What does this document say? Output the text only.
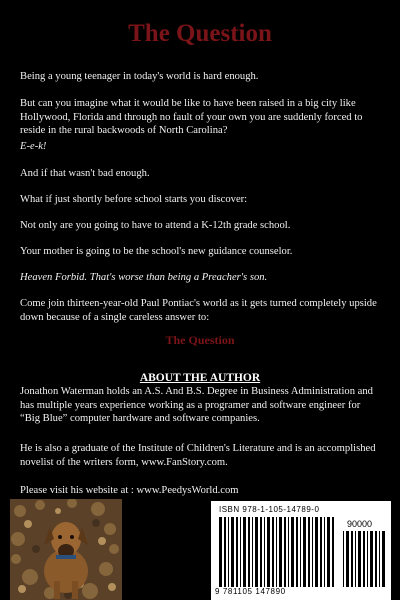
The Question

Being a young teenager in today's world is hard enough.

But can you imagine what it would be like to have been raised in a big city like Hollywood, Florida and through no fault of your own you are suddenly forced to reside in the rural backwoods of North Carolina?

E-e-k!

And if that wasn't bad enough.

What if just shortly before school starts you discover:

Not only are you going to have to attend a K-12th grade school.

Your mother is going to be the school's new guidance counselor.

Heaven Forbid. That's worse than being a Preacher's son.

Come join thirteen-year-old Paul Pontiac's world as it gets turned completely upside down because of a single careless answer to:

The Question
ABOUT THE AUTHOR

Jonathon Waterman holds an A.S. And B.S. Degree in Business Administration and has multiple years experience working as a programer and software engineer for “Big Blue” computer hardware and software companies.

He is also a graduate of the Institute of Children's Literature and is an accomplished novelist of the writers form, www.FanStory.com.

Please visit his website at : www.PeedysWorld.com

ISBN 978-1-105-14789-0
90000
9 781105 147890
